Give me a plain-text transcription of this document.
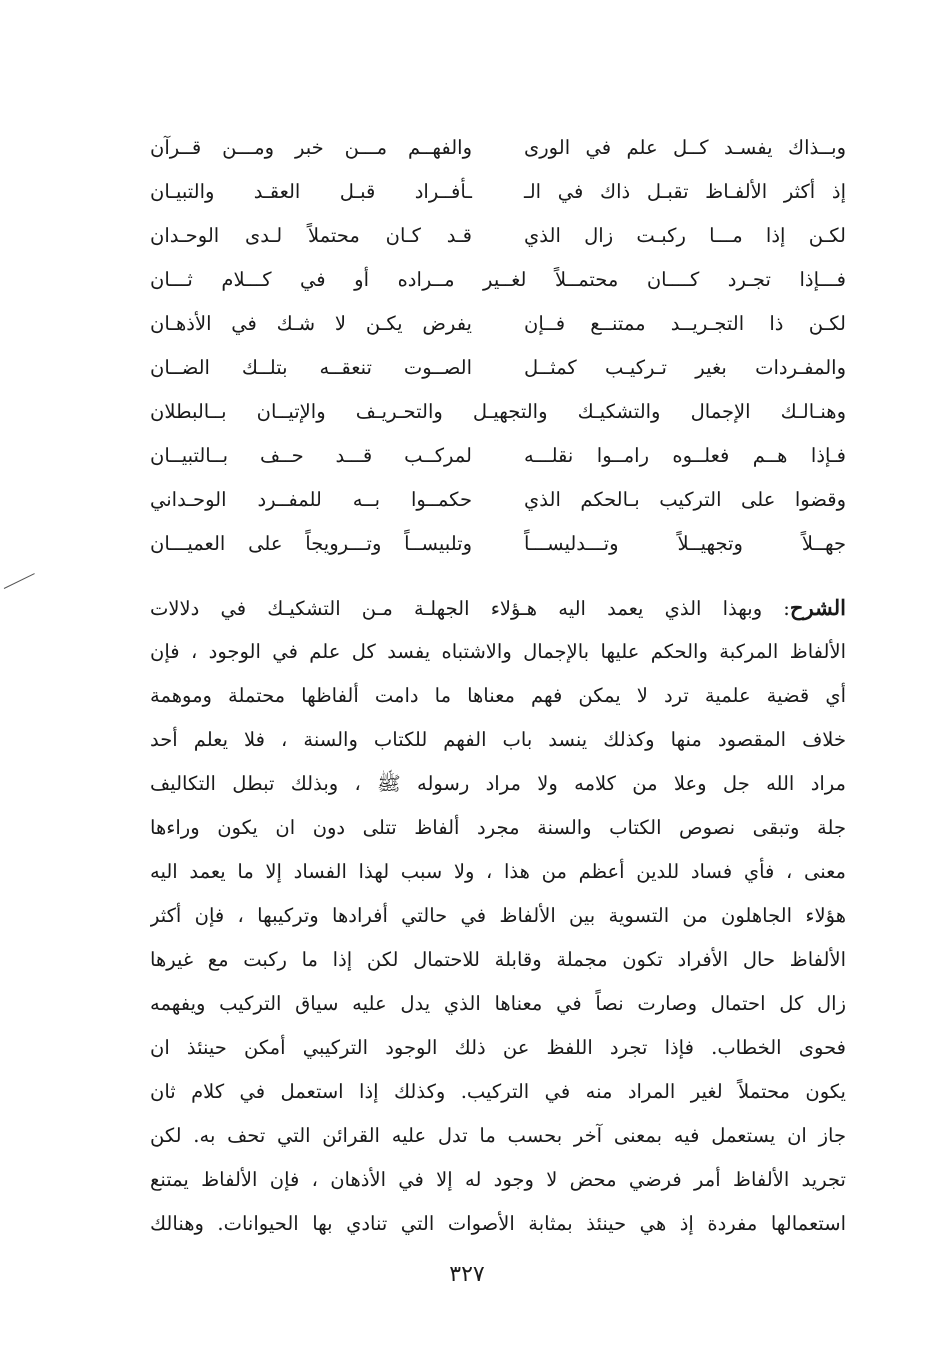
وبــذاك يفسـد كــل علم في الورى
والفهــم مـــن خبر ومـــن قــرآن
إذ أكثر الألفـاظ تقبـل ذاك في الـ
ـأفــراد قبـل العقـد والتبيـان
لكـن إذا مـــا ركبـت زال الذي
قـد كـان محتملاً لـدى الوحـدان
فـــإذا تجـرد كــــان محتمــلاً لغــير مــراده أو في كـــلام ثـــان
لكـن ذا التجـريــد ممتنــع فــإن
يفرض يكـن لا شـك في الأذهـان
والمفـردات بغير تـركيـب كمثــل
الصــوت تنعقــه بتلــك الضــان
وهنـالـك الإجمال والتشكيـك والتجهيـل والتحـريـف والإتيــان بــالبطلان
فـإذا هــم فعلــوه رامــوا نقلـــه
لمركــب قـــد حــف بــالتبيــان
وقضوا على التركيب بـالحكم الذي
حكمــوا بــه للمفــرد الوحـداني
جهــلاً وتجهيــلاً وتـــدليســـاً
وتلبيســاً وتـــرويجاً على العميـــان
الشرح: وبهذا الذي يعمد اليه هـؤلاء الجهلـة مـن التشكيـك في دلالات
الألفاظ المركبة والحكم عليها بالإجمال والاشتباه يفسد كل علم في الوجود ، فإن
أي قضية علمية ترد لا يمكن فهم معناها ما دامت ألفاظها محتملة وموهمة
خلاف المقصود منها وكذلك ينسد باب الفهم للكتاب والسنة ، فلا يعلم أحد
مراد الله جل وعلا من كلامه ولا مراد رسوله ﷺ ، وبذلك تبطل التكاليف
جلة وتبقى نصوص الكتاب والسنة مجرد ألفاظ تتلى دون ان يكون وراءها
معنى ، فأي فساد للدين أعظم من هذا ، ولا سبب لهذا الفساد إلا ما يعمد اليه
هؤلاء الجاهلون من التسوية بين الألفاظ في حالتي أفرادها وتركيبها ، فإن أكثر
الألفاظ حال الأفراد تكون مجملة وقابلة للاحتمال لكن إذا ما ركبت مع غيرها
زال كل احتمال وصارت نصاً في معناها الذي يدل عليه سياق التركيب ويفهمه
فحوى الخطاب. فإذا تجرد اللفظ عن ذلك الوجود التركيبي أمكن حينئذ ان
يكون محتملاً لغير المراد منه في التركيب. وكذلك إذا استعمل في كلام ثان
جاز ان يستعمل فيه بمعنى آخر بحسب ما تدل عليه القرائن التي تحف به. لكن
تجريد الألفاظ أمر فرضي محض لا وجود له إلا في الأذهان ، فإن الألفاظ يمتنع
استعمالها مفردة إذ هي حينئذ بمثابة الأصوات التي تنادي بها الحيوانات. وهنالك
٣٢٧
